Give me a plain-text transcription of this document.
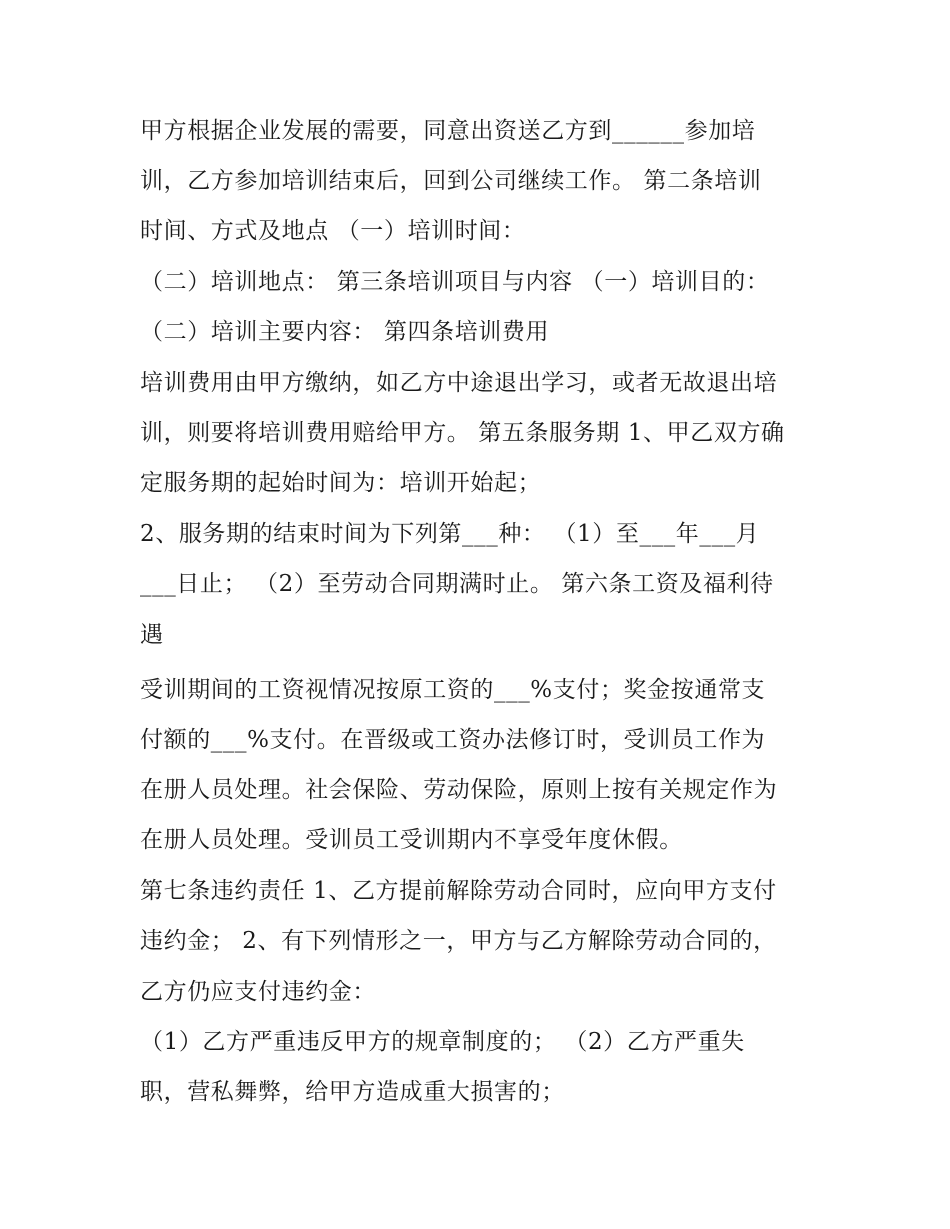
甲方根据企业发展的需要，同意出资送乙方到______参加培

训，乙方参加培训结束后，回到公司继续工作。 第二条培训

时间、方式及地点 （一）培训时间：

（二）培训地点： 第三条培训项目与内容 （一）培训目的：

（二）培训主要内容： 第四条培训费用

培训费用由甲方缴纳，如乙方中途退出学习，或者无故退出培

训，则要将培训费用赔给甲方。 第五条服务期 1、甲乙双方确

定服务期的起始时间为：培训开始起；

2、服务期的结束时间为下列第___种： （1）至___年___月

___日止； （2）至劳动合同期满时止。 第六条工资及福利待

遇

受训期间的工资视情况按原工资的___%支付；奖金按通常支

付额的___%支付。在晋级或工资办法修订时，受训员工作为

在册人员处理。社会保险、劳动保险，原则上按有关规定作为

在册人员处理。受训员工受训期内不享受年度休假。

第七条违约责任 1、乙方提前解除劳动合同时，应向甲方支付

违约金； 2、有下列情形之一，甲方与乙方解除劳动合同的，

乙方仍应支付违约金：

（1）乙方严重违反甲方的规章制度的； （2）乙方严重失

职，营私舞弊，给甲方造成重大损害的；
